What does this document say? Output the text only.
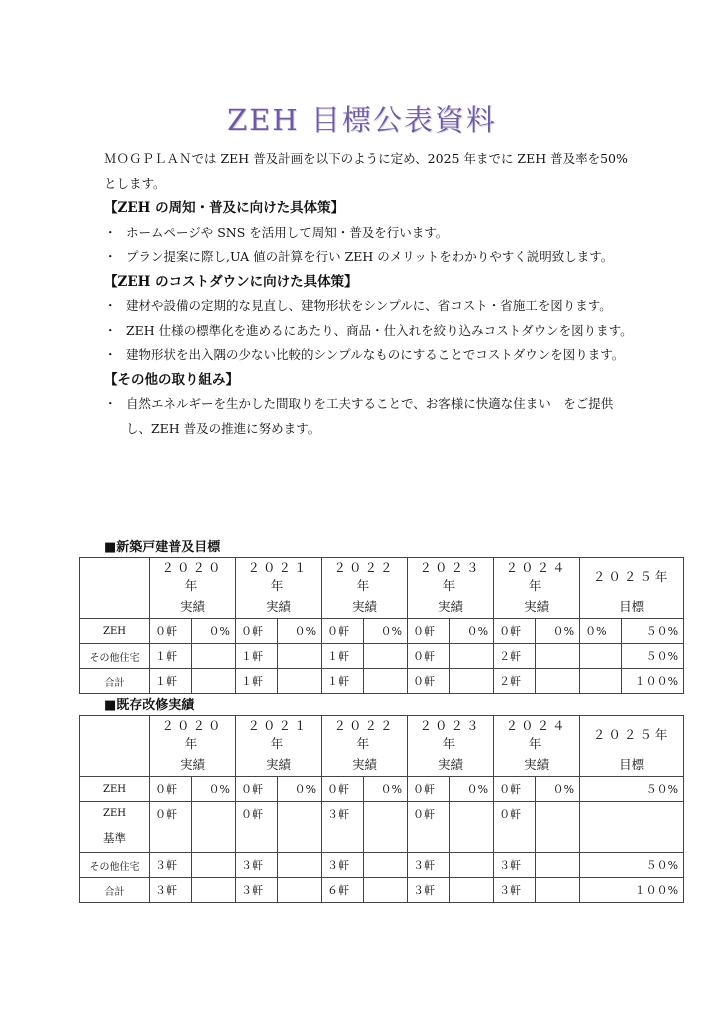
ZEH 目標公表資料
ＭＯＧＰＬＡＮでは ZEH 普及計画を以下のように定め、2025 年までに ZEH 普及率を50%とします。
【ZEH の周知・普及に向けた具体策】
・ ホームページや SNS を活用して周知・普及を行います。
・ プラン提案に際し,UA 値の計算を行い ZEH のメリットをわかりやすく説明致します。
【ZEH のコストダウンに向けた具体策】
・ 建材や設備の定期的な見直し、建物形状をシンプルに、省コスト・省施工を図ります。
・ ZEH 仕様の標準化を進めるにあたり、商品・仕入れを絞り込みコストダウンを図ります。
・ 建物形状を出入隅の少ない比較的シンプルなものにすることでコストダウンを図ります。
【その他の取り組み】
・ 自然エネルギーを生かした間取りを工夫することで、お客様に快適な住まい　をご提供し、ZEH 普及の推進に努めます。
■新築戸建普及目標
	２０２０年		２０２１年		２０２２年		２０２３年		２０２４年		２０２５年	
	実績		実績		実績		実績		実績		目標	
ZEH	０軒	０%	０軒	０%	０軒	０%	０軒	０%	０軒	０%	０%	５０%
その他住宅	１軒		１軒		１軒		０軒		２軒			５０%
合計	１軒		１軒		１軒		０軒		２軒			１００%
■既存改修実績
	２０２０年		２０２１年		２０２２年		２０２３年		２０２４年		２０２５年
	実績		実績		実績		実績		実績		目標
ZEH	０軒	０%	０軒	０%	０軒	０%	０軒	０%	０軒	０%	５０%
ZEH
基準	０軒		０軒		３軒		０軒		０軒		
その他住宅	３軒		３軒		３軒		３軒		３軒		５０%
合計	３軒		３軒		６軒		３軒		３軒		１００%
